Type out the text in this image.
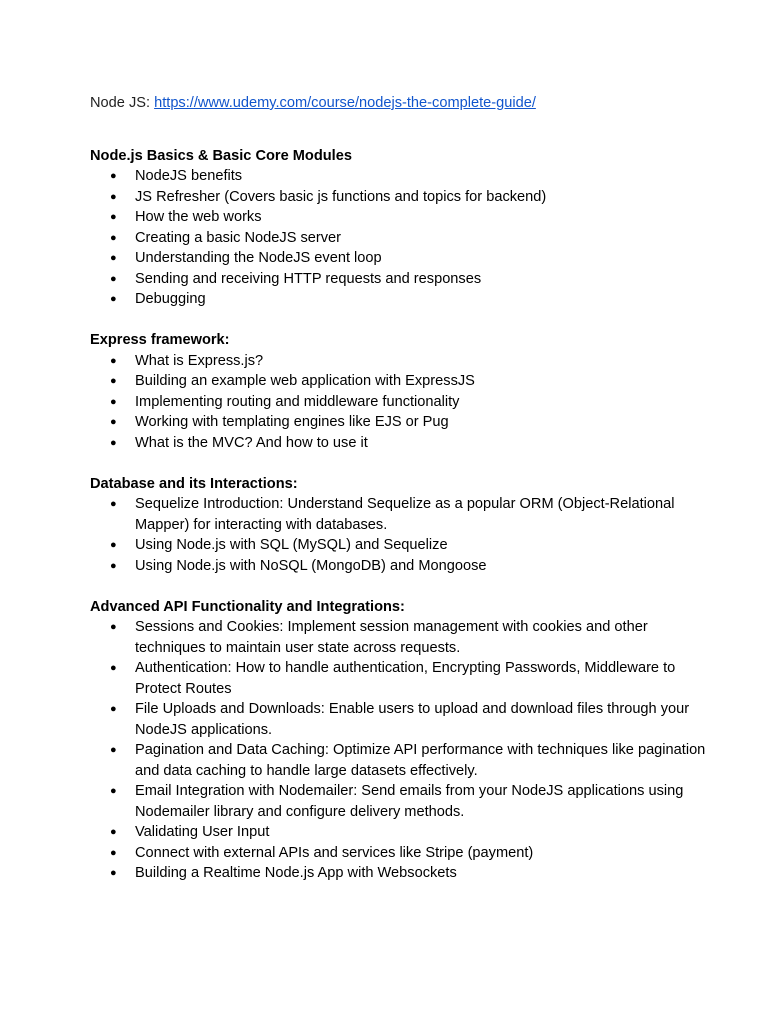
Node JS: https://www.udemy.com/course/nodejs-the-complete-guide/

Node.js Basics & Basic Core Modules
● NodeJS benefits
● JS Refresher (Covers basic js functions and topics for backend)
● How the web works
● Creating a basic NodeJS server
● Understanding the NodeJS event loop
● Sending and receiving HTTP requests and responses
● Debugging
Express framework:
● What is Express.js?
● Building an example web application with ExpressJS
● Implementing routing and middleware functionality
● Working with templating engines like EJS or Pug
● What is the MVC? And how to use it
Database and its Interactions:
● Sequelize Introduction: Understand Sequelize as a popular ORM (Object-Relational Mapper) for interacting with databases.
● Using Node.js with SQL (MySQL) and Sequelize
● Using Node.js with NoSQL (MongoDB) and Mongoose
Advanced API Functionality and Integrations:
● Sessions and Cookies: Implement session management with cookies and other techniques to maintain user state across requests.
● Authentication: How to handle authentication, Encrypting Passwords, Middleware to Protect Routes
● File Uploads and Downloads: Enable users to upload and download files through your NodeJS applications.
● Pagination and Data Caching: Optimize API performance with techniques like pagination and data caching to handle large datasets effectively.
● Email Integration with Nodemailer: Send emails from your NodeJS applications using Nodemailer library and configure delivery methods.
● Validating User Input
● Connect with external APIs and services like Stripe (payment)
● Building a Realtime Node.js App with Websockets
